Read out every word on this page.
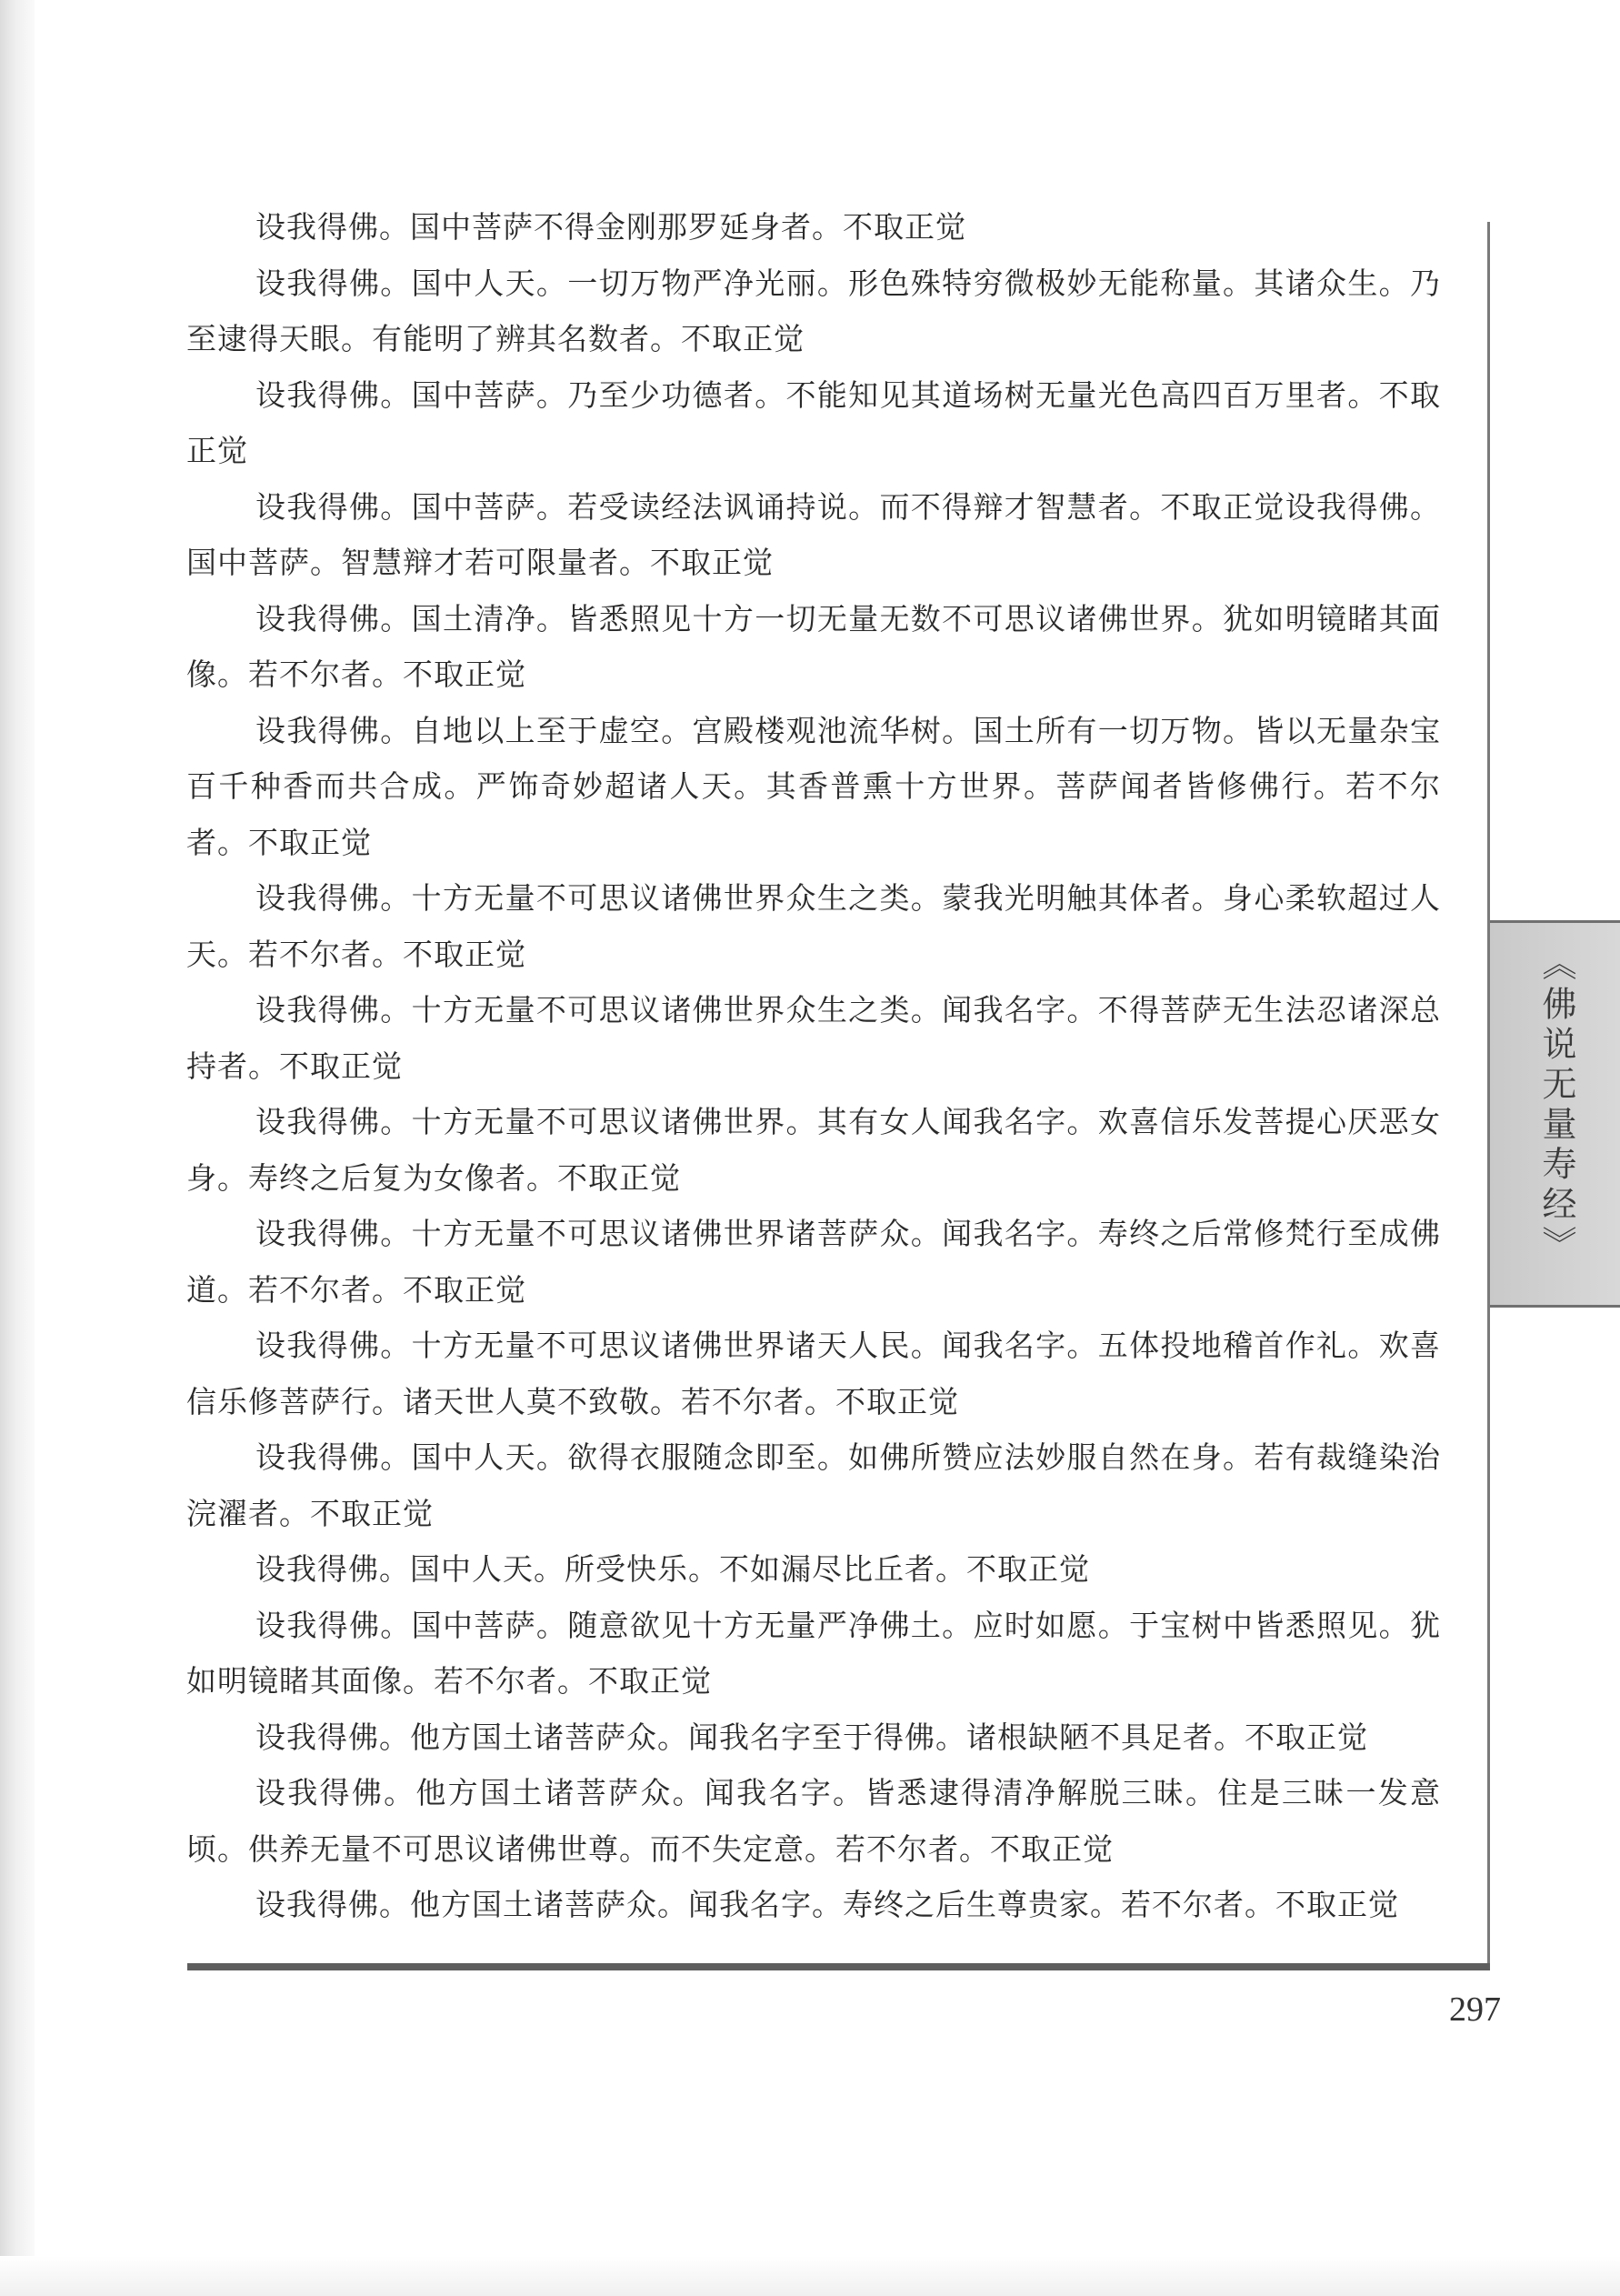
设我得佛。国中菩萨不得金刚那罗延身者。不取正觉

设我得佛。国中人天。一切万物严净光丽。形色殊特穷微极妙无能称量。其诸众生。乃至逮得天眼。有能明了辨其名数者。不取正觉

设我得佛。国中菩萨。乃至少功德者。不能知见其道场树无量光色高四百万里者。不取正觉

设我得佛。国中菩萨。若受读经法讽诵持说。而不得辩才智慧者。不取正觉设我得佛。国中菩萨。智慧辩才若可限量者。不取正觉

设我得佛。国土清净。皆悉照见十方一切无量无数不可思议诸佛世界。犹如明镜睹其面像。若不尔者。不取正觉

设我得佛。自地以上至于虚空。宫殿楼观池流华树。国土所有一切万物。皆以无量杂宝百千种香而共合成。严饰奇妙超诸人天。其香普熏十方世界。菩萨闻者皆修佛行。若不尔者。不取正觉

设我得佛。十方无量不可思议诸佛世界众生之类。蒙我光明触其体者。身心柔软超过人天。若不尔者。不取正觉

设我得佛。十方无量不可思议诸佛世界众生之类。闻我名字。不得菩萨无生法忍诸深总持者。不取正觉

设我得佛。十方无量不可思议诸佛世界。其有女人闻我名字。欢喜信乐发菩提心厌恶女身。寿终之后复为女像者。不取正觉

设我得佛。十方无量不可思议诸佛世界诸菩萨众。闻我名字。寿终之后常修梵行至成佛道。若不尔者。不取正觉

设我得佛。十方无量不可思议诸佛世界诸天人民。闻我名字。五体投地稽首作礼。欢喜信乐修菩萨行。诸天世人莫不致敬。若不尔者。不取正觉

设我得佛。国中人天。欲得衣服随念即至。如佛所赞应法妙服自然在身。若有裁缝染治浣濯者。不取正觉

设我得佛。国中人天。所受快乐。不如漏尽比丘者。不取正觉

设我得佛。国中菩萨。随意欲见十方无量严净佛土。应时如愿。于宝树中皆悉照见。犹如明镜睹其面像。若不尔者。不取正觉

设我得佛。他方国土诸菩萨众。闻我名字至于得佛。诸根缺陋不具足者。不取正觉

设我得佛。他方国土诸菩萨众。闻我名字。皆悉逮得清净解脱三昧。住是三昧一发意顷。供养无量不可思议诸佛世尊。而不失定意。若不尔者。不取正觉

设我得佛。他方国土诸菩萨众。闻我名字。寿终之后生尊贵家。若不尔者。不取正觉

《佛说无量寿经》
297
